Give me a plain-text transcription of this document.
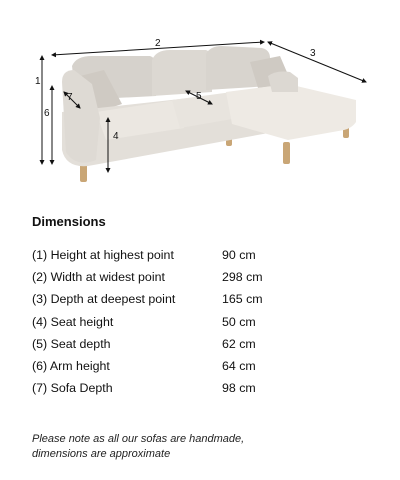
1
2
3
4
5
6
7
Dimensions
(1) Height at highest point	90 cm
(2) Width at widest point	298 cm
(3) Depth at deepest point	165 cm
(4) Seat height	50 cm
(5) Seat depth	62 cm
(6) Arm height	64 cm
(7) Sofa Depth	98 cm
Please note as all our sofas are handmade,
dimensions are approximate
